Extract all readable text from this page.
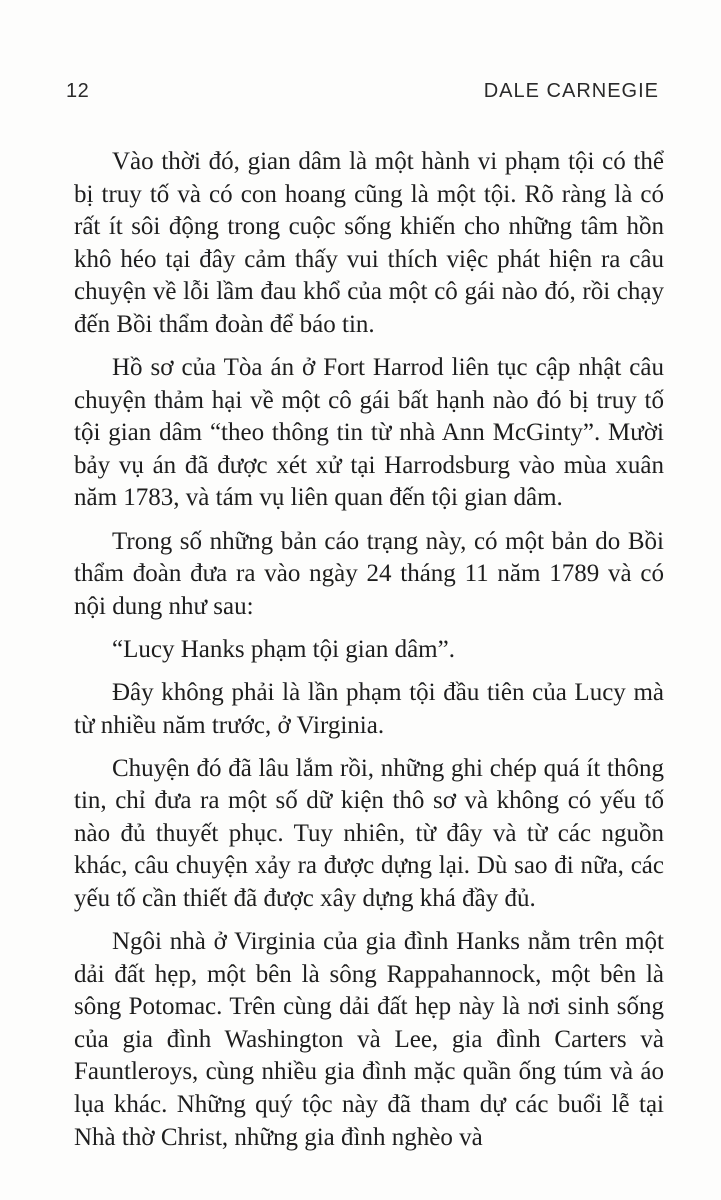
12	DALE CARNEGIE

Vào thời đó, gian dâm là một hành vi phạm tội có thể bị truy tố và có con hoang cũng là một tội. Rõ ràng là có rất ít sôi động trong cuộc sống khiến cho những tâm hồn khô héo tại đây cảm thấy vui thích việc phát hiện ra câu chuyện về lỗi lầm đau khổ của một cô gái nào đó, rồi chạy đến Bồi thẩm đoàn để báo tin.

Hồ sơ của Tòa án ở Fort Harrod liên tục cập nhật câu chuyện thảm hại về một cô gái bất hạnh nào đó bị truy tố tội gian dâm “theo thông tin từ nhà Ann McGinty”. Mười bảy vụ án đã được xét xử tại Harrodsburg vào mùa xuân năm 1783, và tám vụ liên quan đến tội gian dâm.

Trong số những bản cáo trạng này, có một bản do Bồi thẩm đoàn đưa ra vào ngày 24 tháng 11 năm 1789 và có nội dung như sau:

“Lucy Hanks phạm tội gian dâm”.

Đây không phải là lần phạm tội đầu tiên của Lucy mà từ nhiều năm trước, ở Virginia.

Chuyện đó đã lâu lắm rồi, những ghi chép quá ít thông tin, chỉ đưa ra một số dữ kiện thô sơ và không có yếu tố nào đủ thuyết phục. Tuy nhiên, từ đây và từ các nguồn khác, câu chuyện xảy ra được dựng lại. Dù sao đi nữa, các yếu tố cần thiết đã được xây dựng khá đầy đủ.

Ngôi nhà ở Virginia của gia đình Hanks nằm trên một dải đất hẹp, một bên là sông Rappahannock, một bên là sông Potomac. Trên cùng dải đất hẹp này là nơi sinh sống của gia đình Washington và Lee, gia đình Carters và Fauntleroys, cùng nhiều gia đình mặc quần ống túm và áo lụa khác. Những quý tộc này đã tham dự các buổi lễ tại Nhà thờ Christ, những gia đình nghèo và
